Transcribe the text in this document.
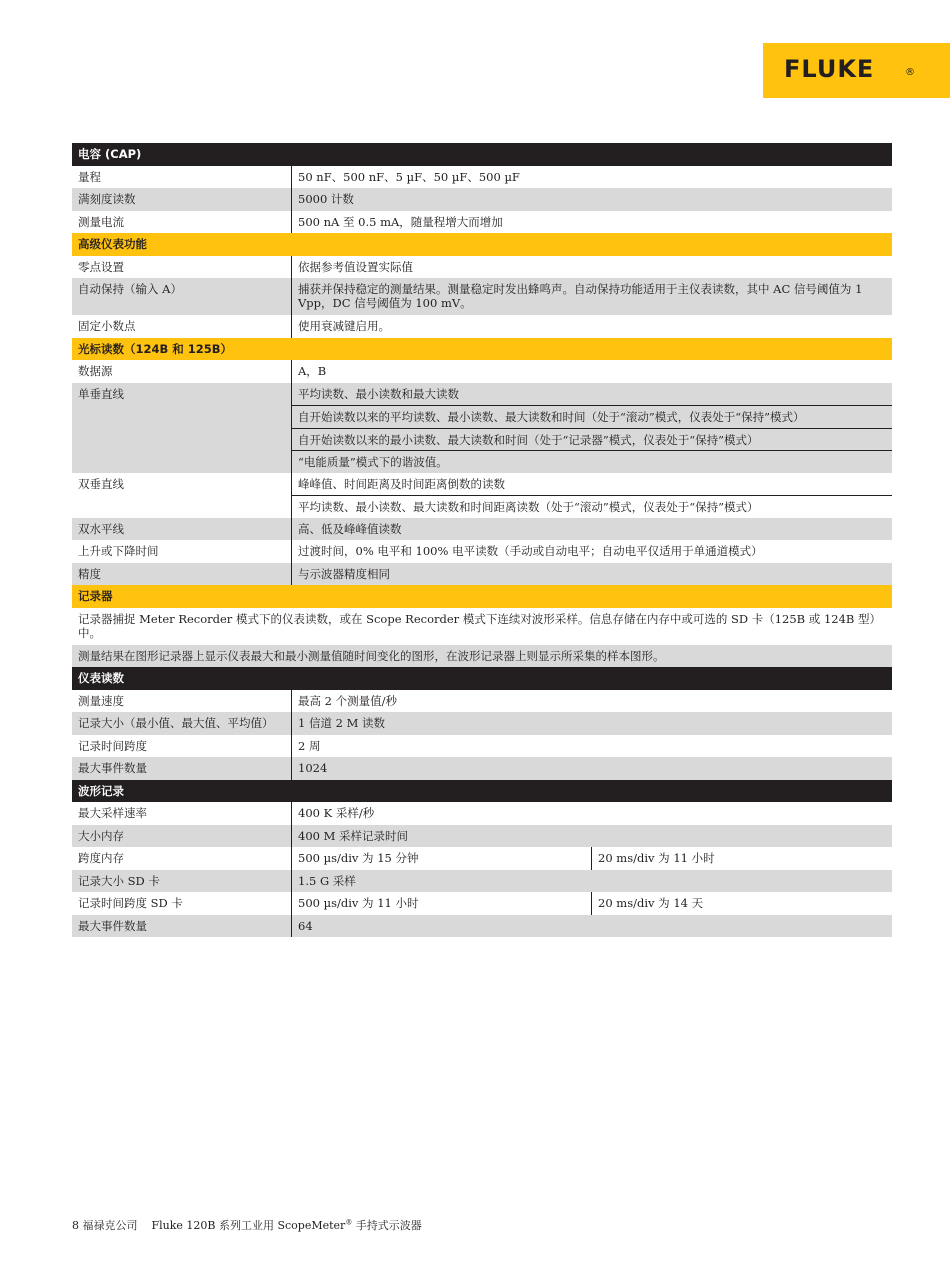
FLUKE	®
电容 (CAP)
量程	50 nF、500 nF、5 µF、50 µF、500 µF
满刻度读数	5000 计数
测量电流	500 nA 至 0.5 mA，随量程增大而增加
高级仪表功能
零点设置	依据参考值设置实际值
自动保持（输入 A）	捕获并保持稳定的测量结果。测量稳定时发出蜂鸣声。自动保持功能适用于主仪表读数，其中 AC 信号阈值为 1 Vpp，DC 信号阈值为 100 mV。
固定小数点	使用衰减键启用。
光标读数（124B 和 125B）
数据源	A，B
单垂直线	平均读数、最小读数和最大读数
自开始读数以来的平均读数、最小读数、最大读数和时间（处于“滚动”模式，仪表处于“保持”模式）
自开始读数以来的最小读数、最大读数和时间（处于“记录器”模式，仪表处于“保持”模式）
“电能质量”模式下的谐波值。
双垂直线	峰峰值、时间距离及时间距离倒数的读数
平均读数、最小读数、最大读数和时间距离读数（处于“滚动”模式，仪表处于“保持”模式）
双水平线	高、低及峰峰值读数
上升或下降时间	过渡时间，0% 电平和 100% 电平读数（手动或自动电平；自动电平仅适用于单通道模式）
精度	与示波器精度相同
记录器
记录器捕捉 Meter Recorder 模式下的仪表读数，或在 Scope Recorder 模式下连续对波形采样。信息存储在内存中或可选的 SD 卡（125B 或 124B 型）中。
测量结果在图形记录器上显示仪表最大和最小测量值随时间变化的图形，在波形记录器上则显示所采集的样本图形。
仪表读数
测量速度	最高 2 个测量值/秒
记录大小（最小值、最大值、平均值）	1 信道 2 M 读数
记录时间跨度	2 周
最大事件数量	1024
波形记录
最大采样速率	400 K 采样/秒
大小内存	400 M 采样记录时间
跨度内存	500 µs/div 为 15 分钟	20 ms/div 为 11 小时
记录大小 SD 卡	1.5 G 采样
记录时间跨度 SD 卡	500 µs/div 为 11 小时	20 ms/div 为 14 天
最大事件数量	64
8 福禄克公司 Fluke 120B 系列工业用 ScopeMeter® 手持式示波器
